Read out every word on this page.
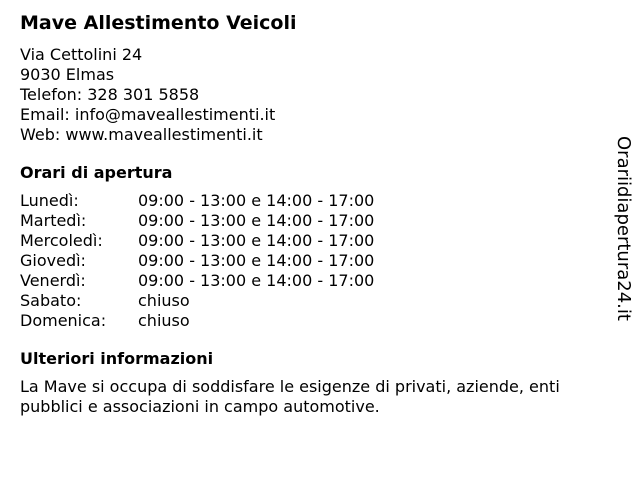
Mave Allestimento Veicoli
Via Cettolini 24
9030 Elmas
Telefon: 328 301 5858
Email: info@maveallestimenti.it
Web: www.maveallestimenti.it
Orari di apertura
Lunedì:	09:00 - 13:00 e 14:00 - 17:00
Martedì:	09:00 - 13:00 e 14:00 - 17:00
Mercoledì:	09:00 - 13:00 e 14:00 - 17:00
Giovedì:	09:00 - 13:00 e 14:00 - 17:00
Venerdì:	09:00 - 13:00 e 14:00 - 17:00
Sabato:	chiuso
Domenica:	chiuso
Ulteriori informazioni

La Mave si occupa di soddisfare le esigenze di privati, aziende, enti pubblici e associazioni in campo automotive.

Orariidiapertura24.it
